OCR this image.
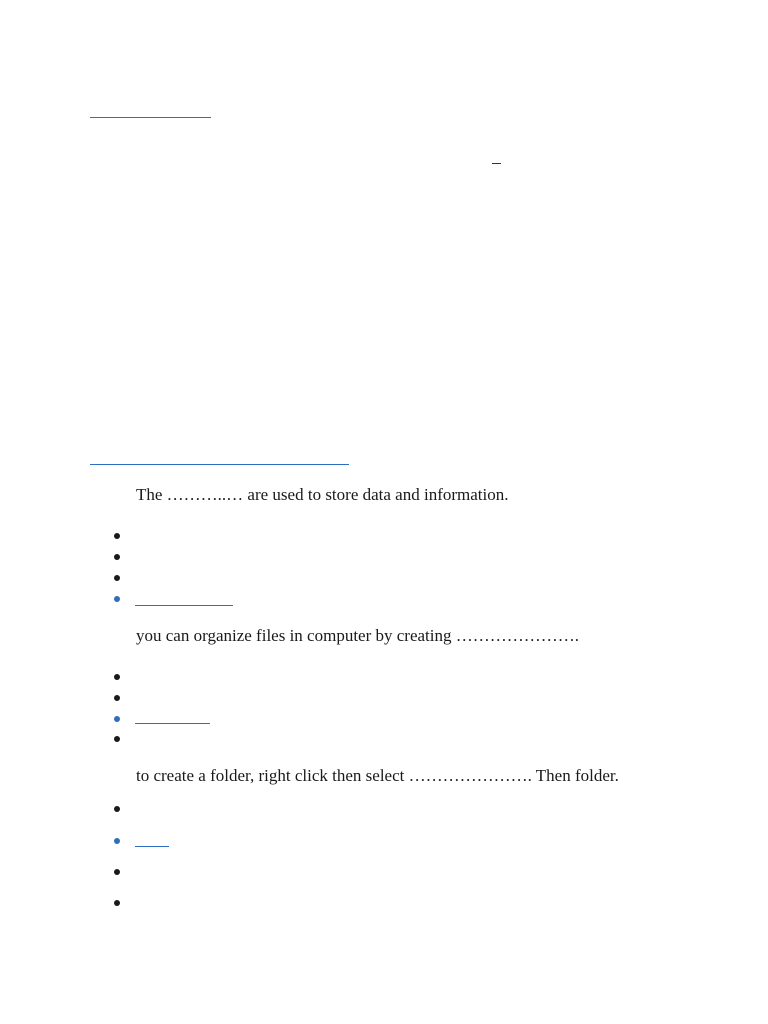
The ………..… are used to store data and information.
you can organize files in computer by creating ………………….
to create a folder, right click then select …………………. Then folder.
